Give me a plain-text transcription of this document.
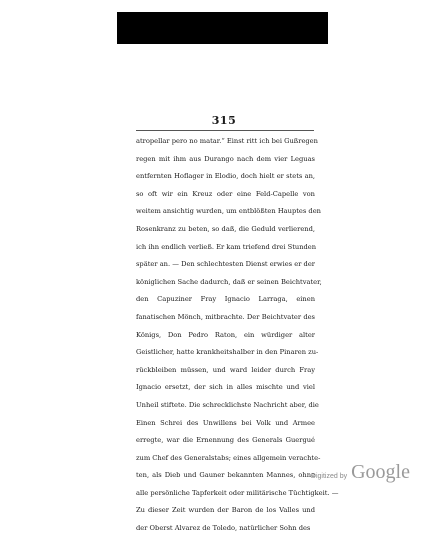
315
atropellar pero no matar.“ Einst ritt ich bei Gußregen
regen mit ihm aus Durango nach dem vier Leguas
entfernten Hoflager in Elodio, doch hielt er stets an,
so oft wir ein Kreuz oder eine Feld-Capelle von
weitem ansichtig wurden, um entblößten Hauptes den
Rosenkranz zu beten, so daß, die Geduld verlierend,
ich ihn endlich verließ. Er kam triefend drei Stunden
später an. — Den schlechtesten Dienst erwies er der
königlichen Sache dadurch, daß er seinen Beichtvater,
den Capuziner Fray Ignacio Larraga, einen
fanatischen Mönch, mitbrachte. Der Beichtvater des
Königs, Don Pedro Raton, ein würdiger alter
Geistlicher, hatte krankheitshalber in den Pinaren zu-
rückbleiben müssen, und ward leider durch Fray
Ignacio ersetzt, der sich in alles mischte und viel
Unheil stiftete. Die schrecklichste Nachricht aber, die
Einen Schrei des Unwillens bei Volk und Armee
erregte, war die Ernennung des Generals Guergué
zum Chef des Generalstabs; eines allgemein verachte-
ten, als Dieb und Gauner bekannten Mannes, ohne
alle persönliche Tapferkeit oder militärische Tüchtigkeit. —
Zu dieser Zeit wurden der Baron de los Valles und
der Oberst Alvarez de Toledo, natürlicher Sohn des
Digitized by Google
